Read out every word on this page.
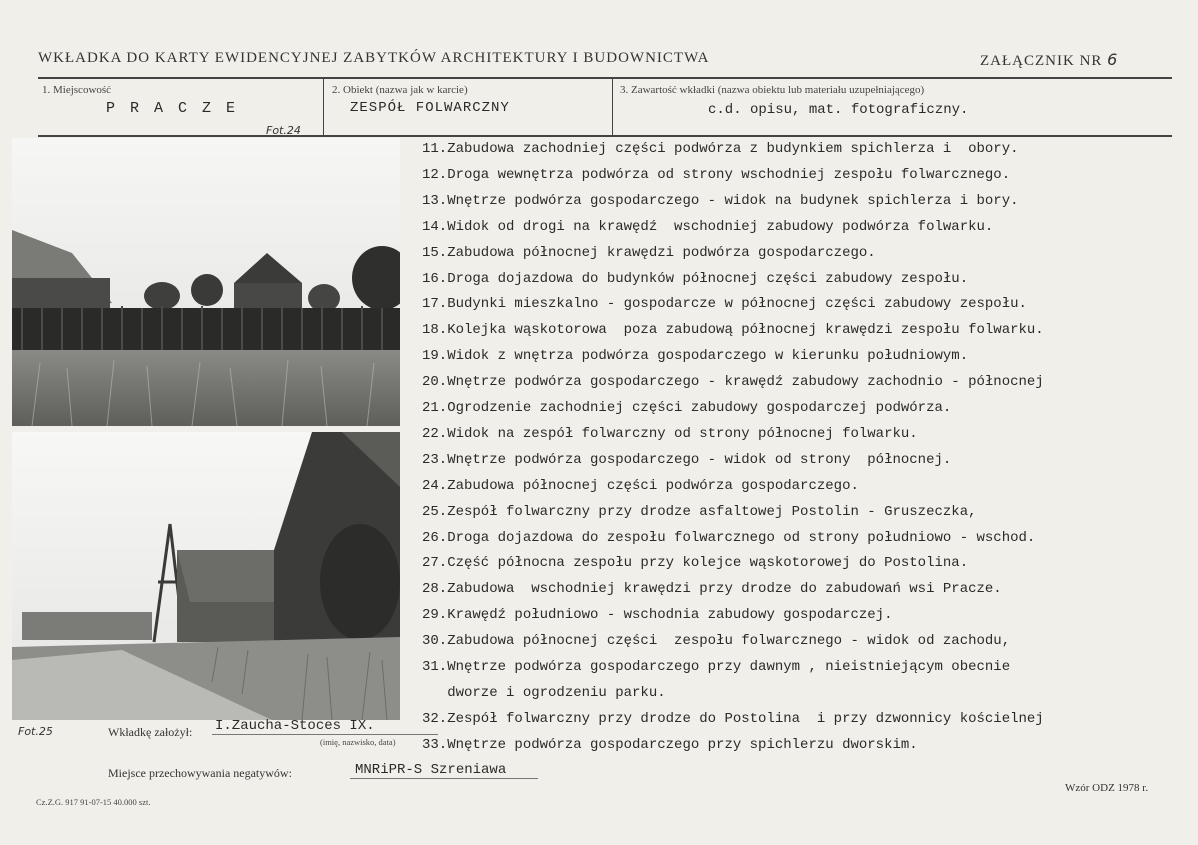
WKŁADKA DO KARTY EWIDENCYJNEJ ZABYTKÓW ARCHITEKTURY I BUDOWNICTWA	ZAŁĄCZNIK NR 6
1. Miejscowość
P R A C Z E
2. Obiekt (nazwa jak w karcie)
ZESPÓŁ FOLWARCZNY
3. Zawartość wkładki (nazwa obiektu lub materiału uzupełniającego)
c.d. opisu, mat. fotograficzny.
Fot.24
Fot.25
11.Zabudowa zachodniej części podwórza z budynkiem spichlerza i  obory.
12.Droga wewnętrza podwórza od strony wschodniej zespołu folwarcznego.
13.Wnętrze podwórza gospodarczego - widok na budynek spichlerza i bory.
14.Widok od drogi na krawędź  wschodniej zabudowy podwórza folwarku.
15.Zabudowa północnej krawędzi podwórza gospodarczego.
16.Droga dojazdowa do budynków północnej części zabudowy zespołu.
17.Budynki mieszkalno - gospodarcze w północnej części zabudowy zespołu.
18.Kolejka wąskotorowa  poza zabudową północnej krawędzi zespołu folwarku.
19.Widok z wnętrza podwórza gospodarczego w kierunku południowym.
20.Wnętrze podwórza gospodarczego - krawędź zabudowy zachodnio - północnej
21.Ogrodzenie zachodniej części zabudowy gospodarczej podwórza.
22.Widok na zespół folwarczny od strony północnej folwarku.
23.Wnętrze podwórza gospodarczego - widok od strony  północnej.
24.Zabudowa północnej części podwórza gospodarczego.
25.Zespół folwarczny przy drodze asfaltowej Postolin - Gruszeczka,
26.Droga dojazdowa do zespołu folwarcznego od strony południowo - wschod.
27.Część północna zespołu przy kolejce wąskotorowej do Postolina.
28.Zabudowa  wschodniej krawędzi przy drodze do zabudowań wsi Pracze.
29.Krawędź południowo - wschodnia zabudowy gospodarczej.
30.Zabudowa północnej części  zespołu folwarcznego - widok od zachodu,
31.Wnętrze podwórza gospodarczego przy dawnym , nieistniejącym obecnie
dworze i ogrodzeniu parku.
32.Zespół folwarczny przy drodze do Postolina  i przy dzwonnicy kościelnej
33.Wnętrze podwórza gospodarczego przy spichlerzu dworskim.
Wkładkę założył: I.Zaucha-Stoces IX.
(imię, nazwisko, data)
Miejsce przechowywania negatywów:	MNRiPR-S Szreniawa
Cz.Z.G. 917 91-07-15 40.000 szt.
Wzór ODZ 1978 r.
